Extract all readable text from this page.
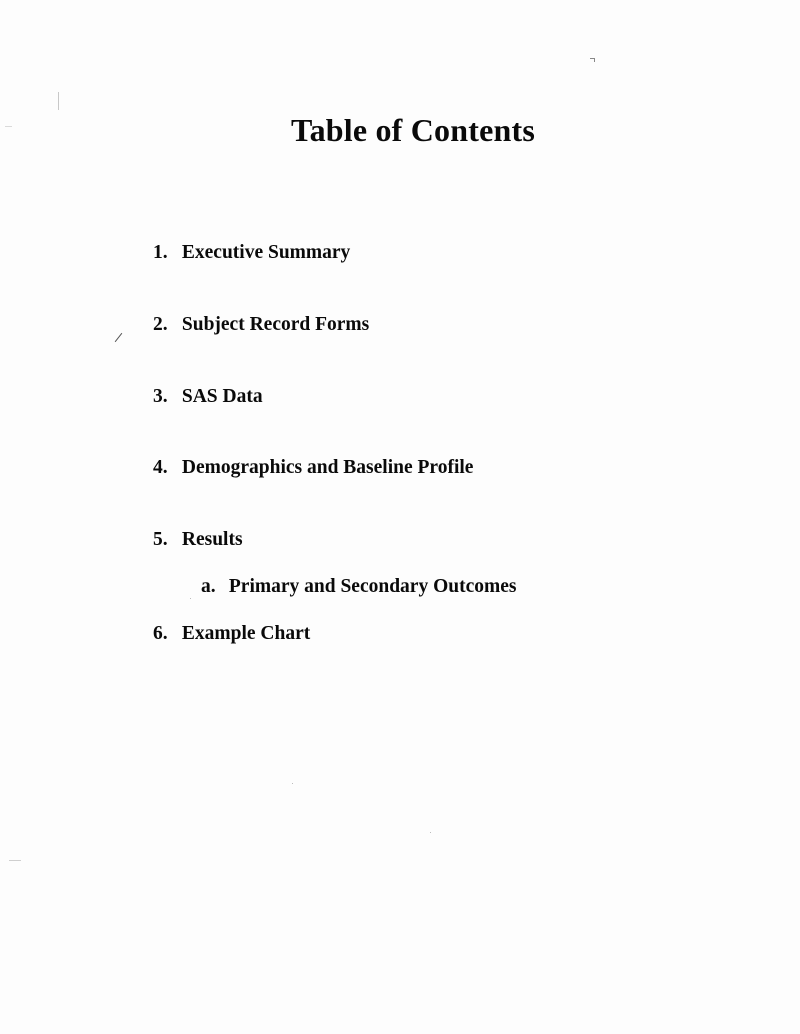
Table of Contents
1. Executive Summary
2. Subject Record Forms
3. SAS Data
4. Demographics and Baseline Profile
5. Results
a. Primary and Secondary Outcomes
6. Example Chart
